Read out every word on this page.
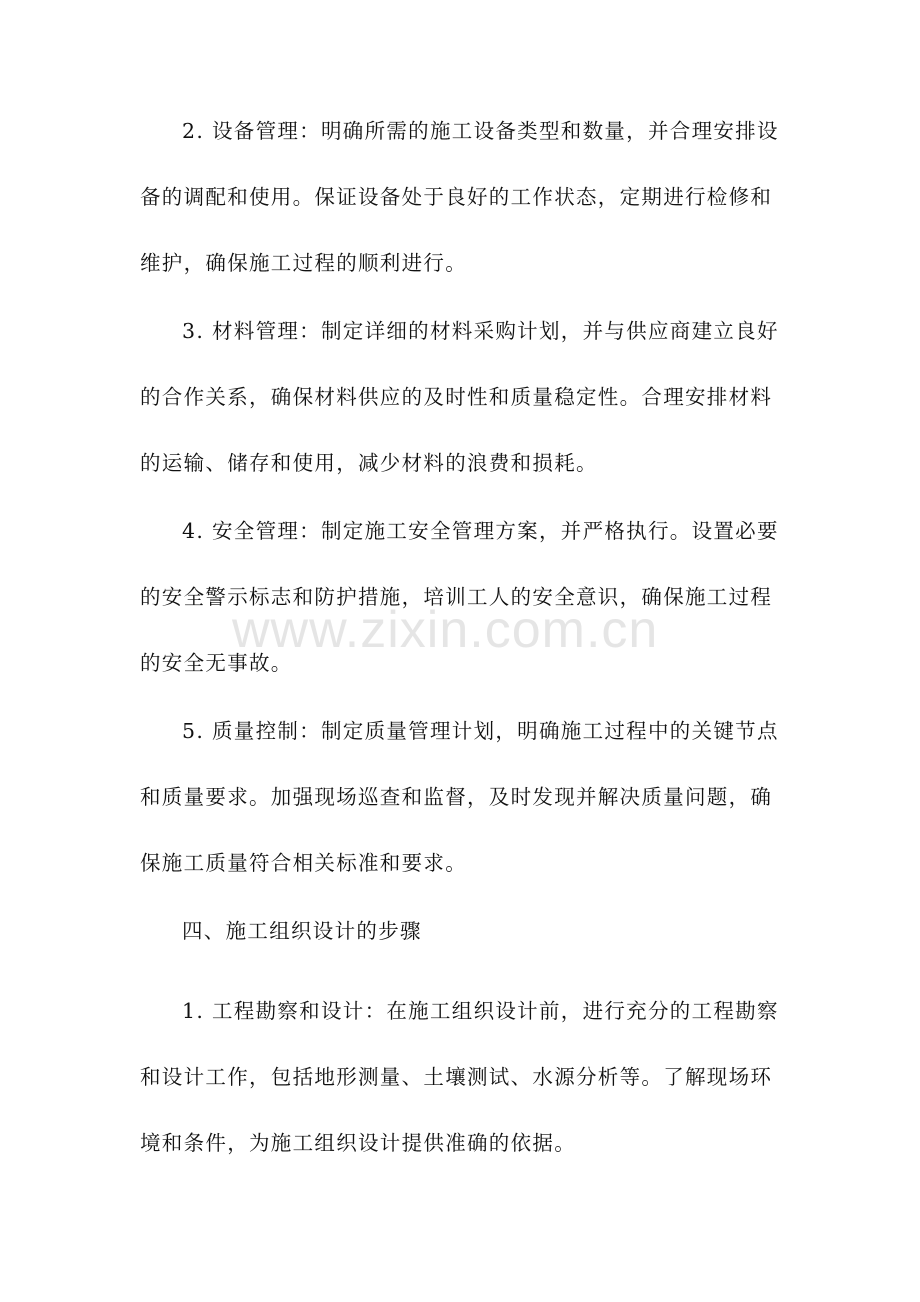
2. 设备管理：明确所需的施工设备类型和数量，并合理安排设
备的调配和使用。保证设备处于良好的工作状态，定期进行检修和
维护，确保施工过程的顺利进行。
3. 材料管理：制定详细的材料采购计划，并与供应商建立良好
的合作关系，确保材料供应的及时性和质量稳定性。合理安排材料
的运输、储存和使用，减少材料的浪费和损耗。
4. 安全管理：制定施工安全管理方案，并严格执行。设置必要
的安全警示标志和防护措施，培训工人的安全意识，确保施工过程
的安全无事故。
5. 质量控制：制定质量管理计划，明确施工过程中的关键节点
和质量要求。加强现场巡查和监督，及时发现并解决质量问题，确
保施工质量符合相关标准和要求。
四、施工组织设计的步骤
1. 工程勘察和设计：在施工组织设计前，进行充分的工程勘察
和设计工作，包括地形测量、土壤测试、水源分析等。了解现场环
境和条件，为施工组织设计提供准确的依据。
www.zixin.com.cn
